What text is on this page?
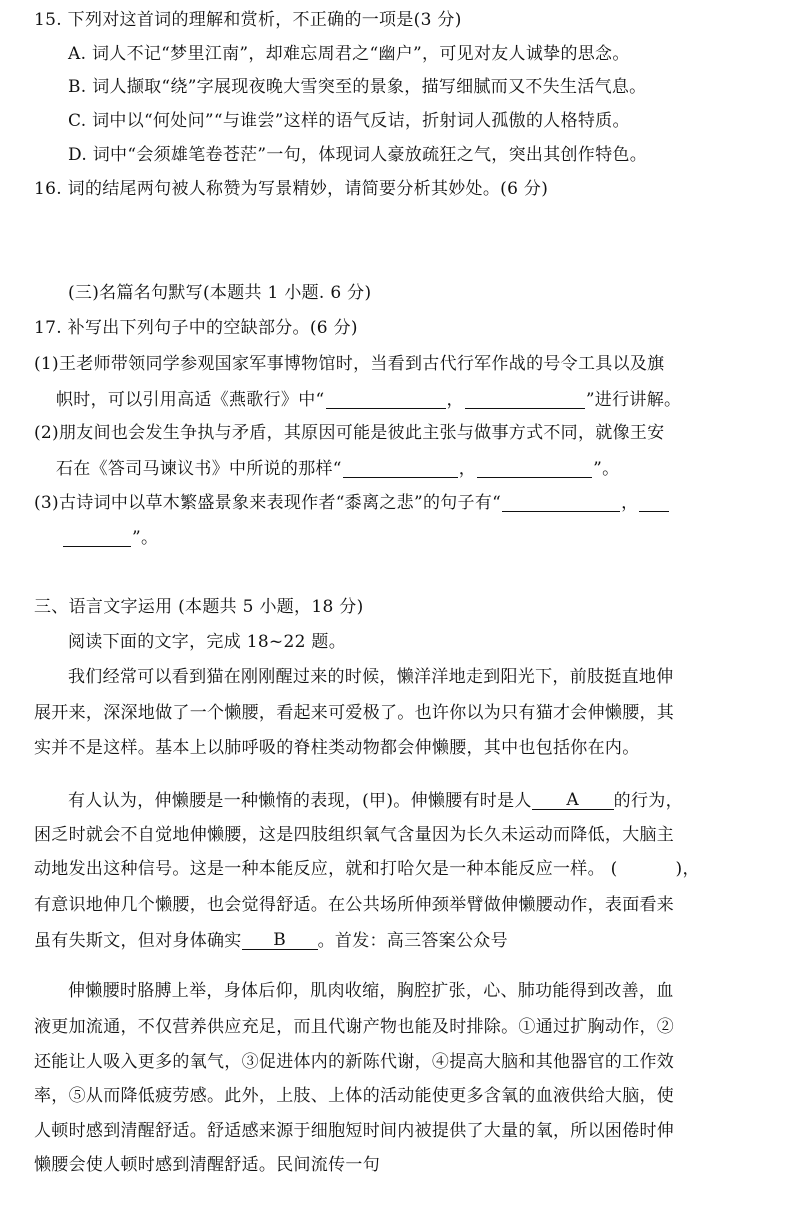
15. 下列对这首词的理解和赏析，不正确的一项是(3 分)
A. 词人不记“梦里江南”，却难忘周君之“幽户”，可见对友人诚挚的思念。
B. 词人撷取“绕”字展现夜晚大雪突至的景象，描写细腻而又不失生活气息。
C. 词中以“何处问”“与谁尝”这样的语气反诘，折射词人孤傲的人格特质。
D. 词中“会须雄笔卷苍茫”一句，体现词人豪放疏狂之气，突出其创作特色。
16. 词的结尾两句被人称赞为写景精妙，请简要分析其妙处。(6 分)
(三)名篇名句默写(本题共 1 小题. 6 分)
17. 补写出下列句子中的空缺部分。(6 分)
(1)王老师带领同学参观国家军事博物馆时，当看到古代行军作战的号令工具以及旗
帜时，可以引用高适《燕歌行》中“	，	”进行讲解。
(2)朋友间也会发生争执与矛盾，其原因可能是彼此主张与做事方式不同，就像王安
石在《答司马谏议书》中所说的那样“	，	”。
(3)古诗词中以草木繁盛景象来表现作者“黍离之悲”的句子有“	，
”。
三、语言文字运用 (本题共 5 小题，18 分)
阅读下面的文字，完成 18~22 题。
我们经常可以看到猫在刚刚醒过来的时候，懒洋洋地走到阳光下，前肢挺直地伸
展开来，深深地做了一个懒腰，看起来可爱极了。也许你以为只有猫才会伸懒腰，其
实并不是这样。基本上以肺呼吸的脊柱类动物都会伸懒腰，其中也包括你在内。
有人认为，伸懒腰是一种懒惰的表现，(甲)。伸懒腰有时是人 A 的行为，
困乏时就会不自觉地伸懒腰，这是四肢组织氧气含量因为长久未运动而降低，大脑主
动地发出这种信号。这是一种本能反应，就和打哈欠是一种本能反应一样。 (	)，
有意识地伸几个懒腰，也会觉得舒适。在公共场所伸颈举臂做伸懒腰动作，表面看来
虽有失斯文，但对身体确实 B 。首发：高三答案公众号
伸懒腰时胳膊上举，身体后仰，肌肉收缩，胸腔扩张，心、肺功能得到改善，血
液更加流通，不仅营养供应充足，而且代谢产物也能及时排除。①通过扩胸动作，②
还能让人吸入更多的氧气，③促进体内的新陈代谢，④提高大脑和其他器官的工作效
率，⑤从而降低疲劳感。此外，上肢、上体的活动能使更多含氧的血液供给大脑，使
人顿时感到清醒舒适。舒适感来源于细胞短时间内被提供了大量的氧，所以困倦时伸
懒腰会使人顿时感到清醒舒适。民间流传一句
